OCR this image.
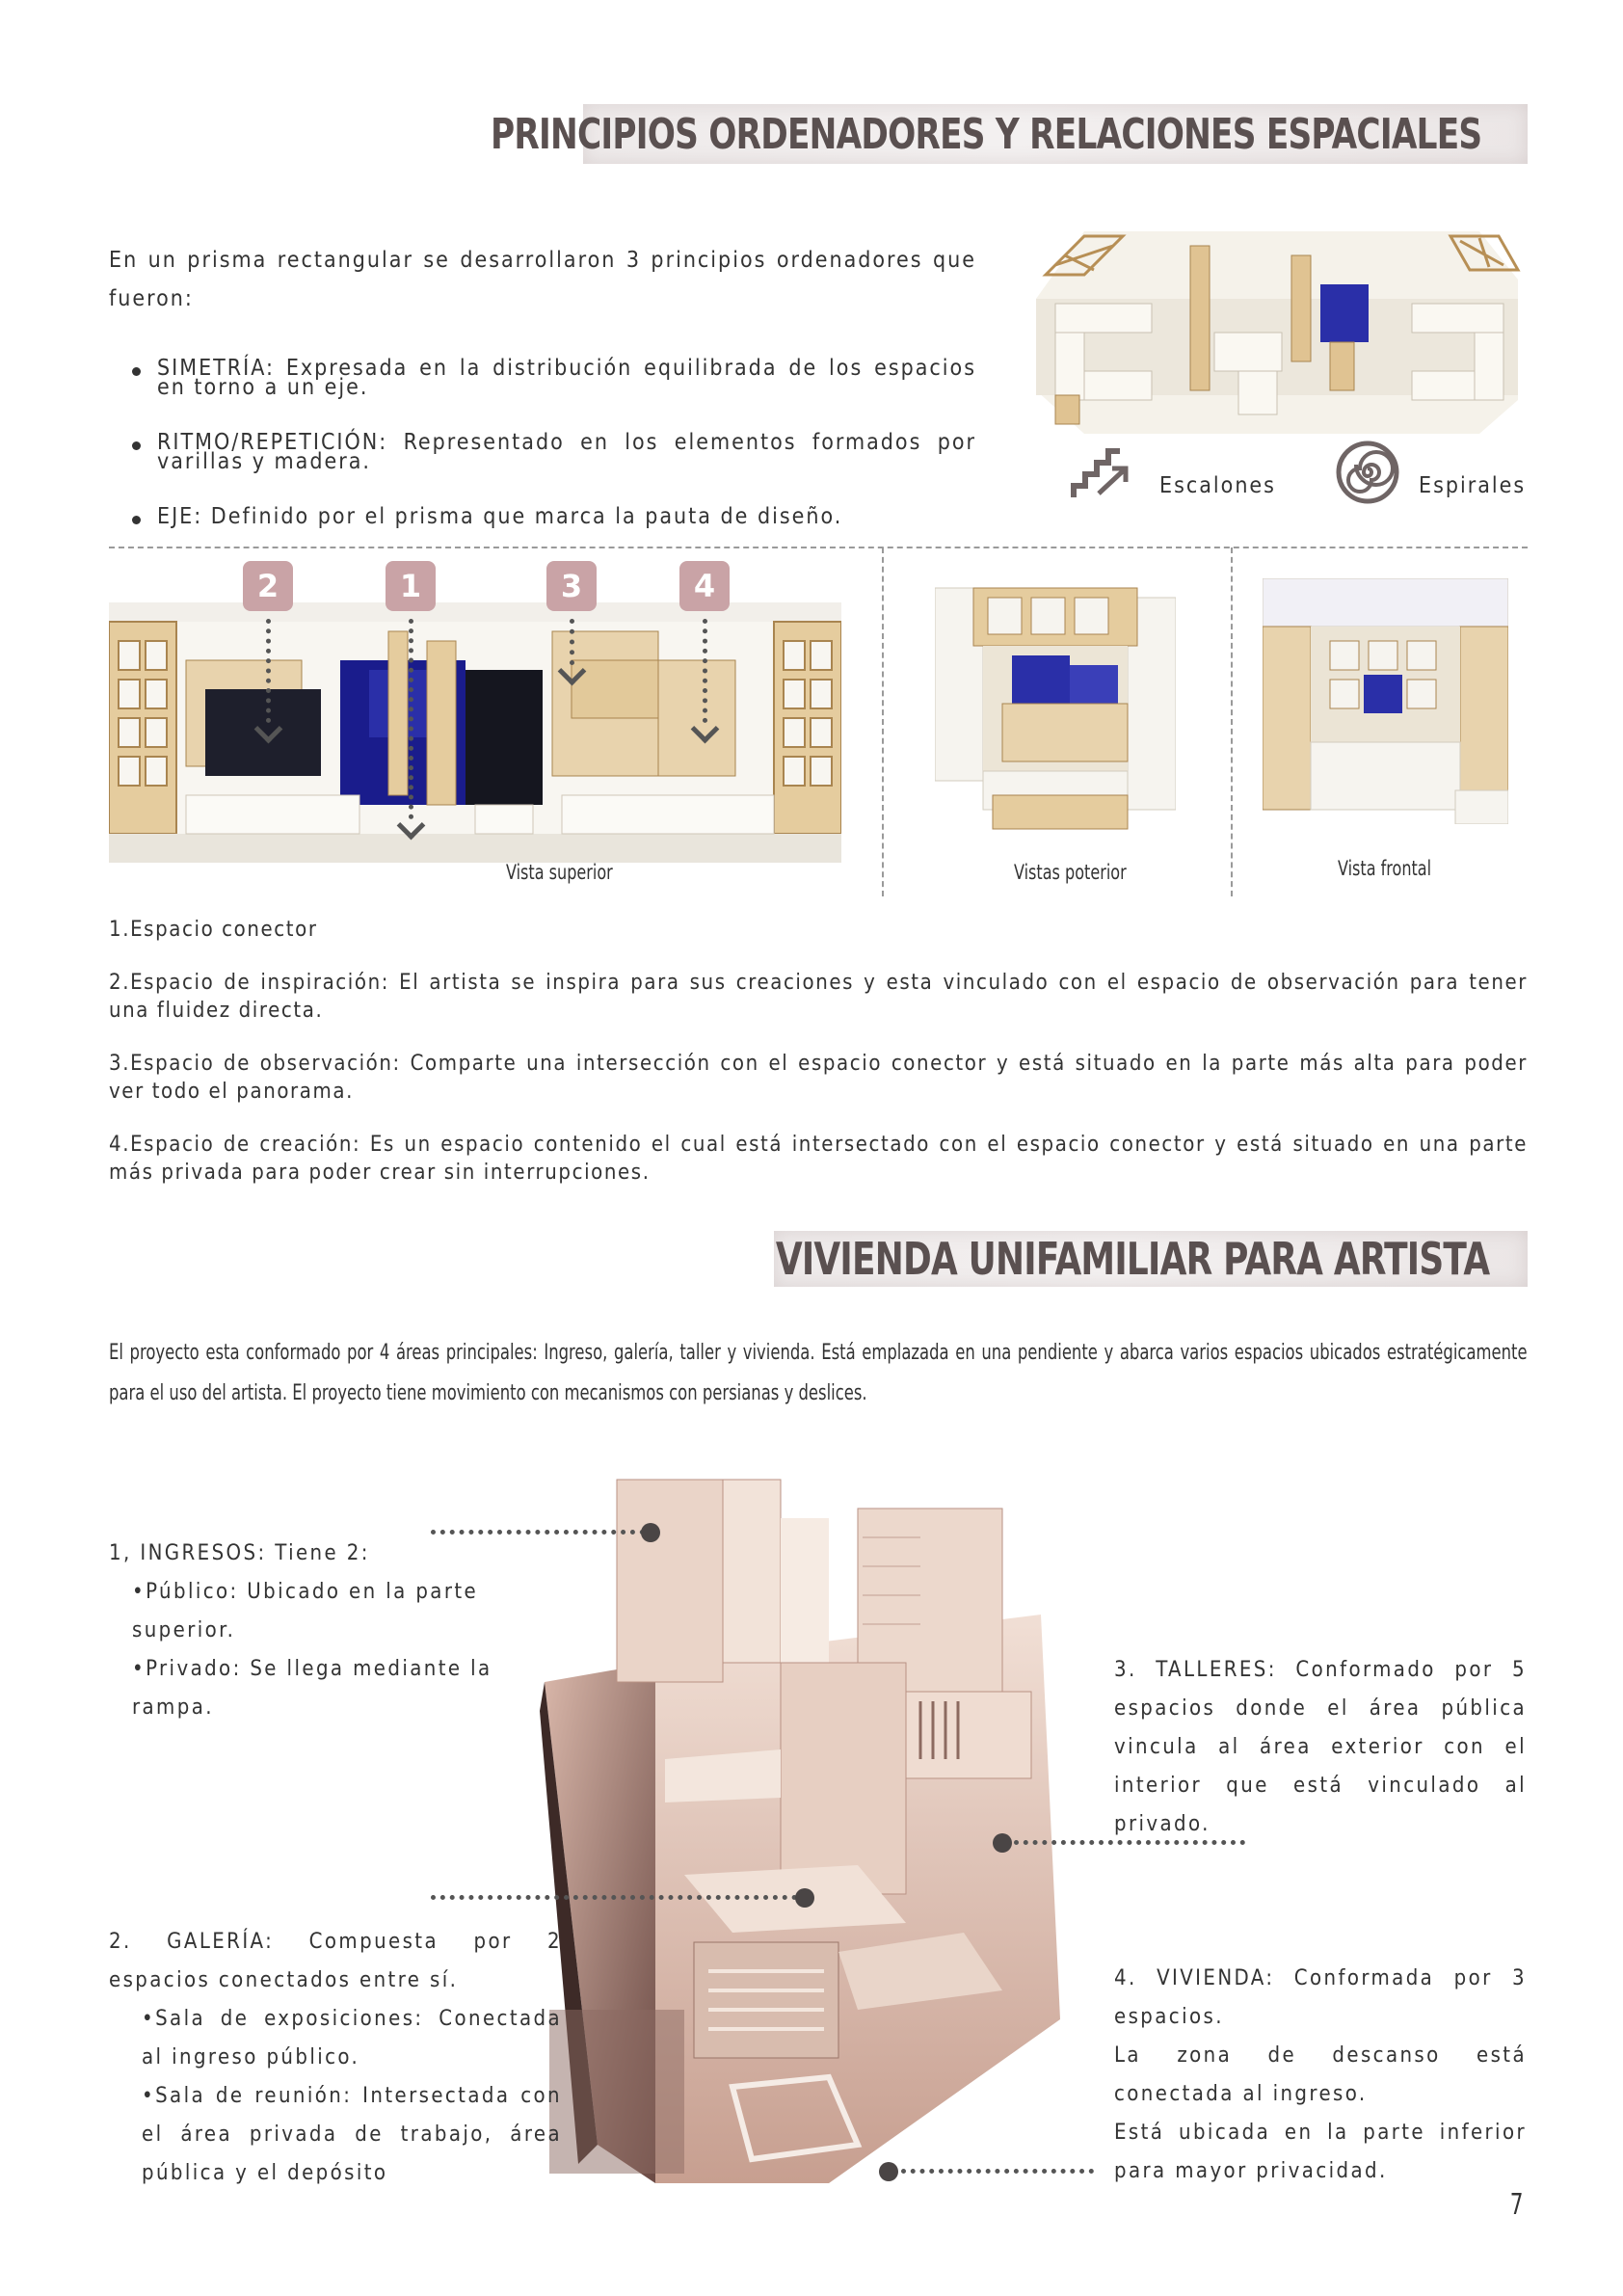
PRINCIPIOS ORDENADORES Y RELACIONES ESPACIALES
En un prisma rectangular se desarrollaron 3 principios ordenadores que fueron:
SIMETRÍA: Expresada en la distribución equilibrada de los espacios en torno a un eje.
RITMO/REPETICIÓN: Representado en los elementos formados por varillas y madera.
EJE: Definido por el prisma que marca la pauta de diseño.
Escalones	Espirales
2	1	3	4
Vista superior	Vistas poterior	Vista frontal
1.Espacio conector
2.Espacio de inspiración: El artista se inspira para sus creaciones y esta vinculado con el espacio de observación para tener una fluidez directa.
3.Espacio de observación: Comparte una intersección con el espacio conector y está situado en la parte más alta para poder ver todo el panorama.
4.Espacio de creación: Es un espacio contenido el cual está intersectado con el espacio conector y está situado en una parte más privada para poder crear sin interrupciones.
VIVIENDA UNIFAMILIAR PARA ARTISTA
El proyecto esta conformado por 4 áreas principales: Ingreso, galería, taller y vivienda. Está emplazada en una pendiente y abarca varios espacios ubicados estratégicamente para el uso del artista. El proyecto tiene movimiento con mecanismos con persianas y deslices.
1, INGRESOS: Tiene 2:
•Público: Ubicado en la parte superior.
•Privado: Se llega mediante la rampa.
2. GALERÍA: Compuesta por 2 espacios conectados entre sí.
•Sala de exposiciones: Conectada al ingreso público.
•Sala de reunión: Intersectada con el área privada de trabajo, área pública y el depósito
3. TALLERES: Conformado por 5 espacios donde el área pública vincula al área exterior con el interior que está vinculado al privado.
4. VIVIENDA: Conformada por 3 espacios.
La zona de descanso está conectada al ingreso.
Está ubicada en la parte inferior para mayor privacidad.
7
